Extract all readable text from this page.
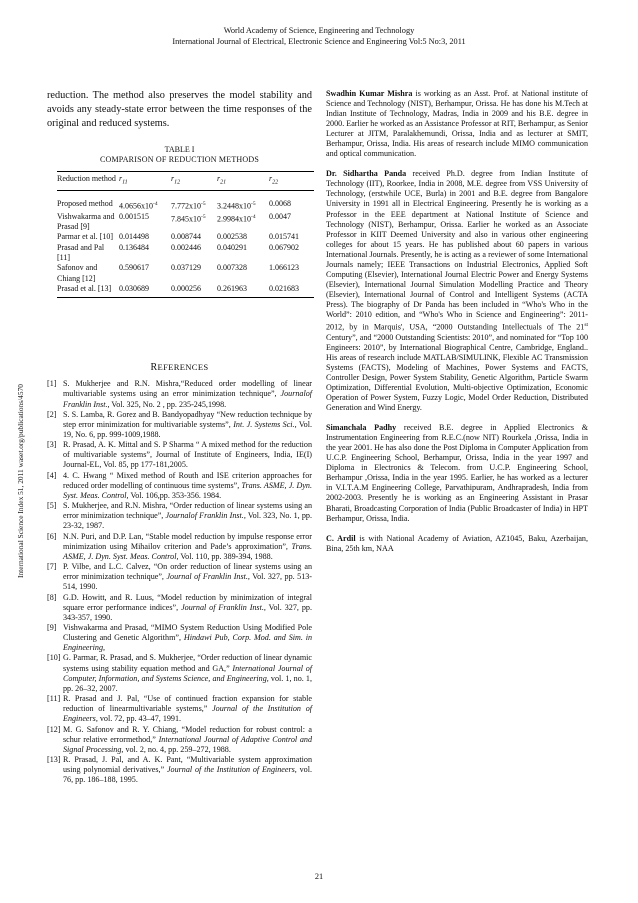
World Academy of Science, Engineering and Technology
International Journal of Electrical, Electronic Science and Engineering Vol:5 No:3, 2011
International Science Index 51, 2011 waset.org/publications/4570

reduction. The method also preserves the model stability and avoids any steady-state error between the time responses of the original and reduced systems.

TABLE I
COMPARISON OF REDUCTION METHODS
Reduction method	$r_{11}$	$r_{12}$	$r_{21}$	$r_{22}$
Proposed method	$4.0656x10^{-4}$	$7.772x10^{-5}$	$3.2448x10^{-5}$	0.0068
Vishwakarma and Prasad [9]	0.001515	$7.845x10^{-5}$	$2.9984x10^{-4}$	0.0047
Parmar et al. [10]	0.014498	0.008744	0.002538	0.015741
Prasad and Pal [11]	0.136484	0.002446	0.040291	0.067902
Safonov and Chiang [12]	0.590617	0.037129	0.007328	1.066123
Prasad et al. [13]	0.030689	0.000256	0.261963	0.021683
REFERENCES
[1] S. Mukherjee and R.N. Mishra,“Reduced order modelling of linear multivariable systems using an error minimization technique”, Journalof Franklin Inst., Vol. 325, No. 2 , pp. 235-245,1998.
[2] S. S. Lamba, R. Gorez and B. Bandyopadhyay “New reduction technique by step error minimization for multivariable systems”, Int. J. Systems Sci., Vol. 19, No. 6, pp. 999-1009,1988.
[3] R. Prasad, A. K. Mittal and S. P Sharma “ A mixed method for the reduction of multivariable systems”, Journal of Institute of Engineers, India, IE(I) Journal-EL, Vol. 85, pp 177-181,2005.
[4] 4. C. Hwang “ Mixed method of Routh and ISE criterion approaches for reduced order modelling of continuous time systems”, Trans. ASME, J. Dyn. Syst. Meas. Control, Vol. 106,pp. 353-356. 1984.
[5] S. Mukherjee, and R.N. Mishra, “Order reduction of linear systems using an error minimization technique”, Journalof Franklin Inst., Vol. 323, No. 1, pp. 23-32, 1987.
[6] N.N. Puri, and D.P. Lan, “Stable model reduction by impulse response error minimization using Mihailov criterion and Pade’s approximation”, Trans. ASME, J. Dyn. Syst. Meas. Control, Vol. 110, pp. 389-394, 1988.
[7] P. Vilbe, and L.C. Calvez, “On order reduction of linear systems using an error minimization technique”, Journal of Franklin Inst., Vol. 327, pp. 513-514, 1990.
[8] G.D. Howitt, and R. Luus, “Model reduction by minimization of integral square error performance indices”, Journal of Franklin Inst., Vol. 327, pp. 343-357, 1990.
[9] Vishwakarma and Prasad, “MIMO System Reduction Using Modified Pole Clustering and Genetic Algorithm”, Hindawi Pub, Corp. Mod. and Sim. in Engineering,
[10] G. Parmar, R. Prasad, and S. Mukherjee, “Order reduction of linear dynamic systems using stability equation method and GA,” International Journal of Computer, Information, and Systems Science, and Engineering, vol. 1, no. 1, pp. 26–32, 2007.
[11] R. Prasad and J. Pal, “Use of continued fraction expansion for stable reduction of linearmultivariable systems,” Journal of the Institution of Engineers, vol. 72, pp. 43–47, 1991.
[12] M. G. Safonov and R. Y. Chiang, “Model reduction for robust control: a schur relative errormethod,” International Journal of Adaptive Control and Signal Processing, vol. 2, no. 4, pp. 259–272, 1988.
[13] R. Prasad, J. Pal, and A. K. Pant, “Multivariable system approximation using polynomial derivatives,” Journal of the Institution of Engineers, vol. 76, pp. 186–188, 1995.

Swadhin Kumar Mishra is working as an Asst. Prof. at National institute of Science and Technology (NIST), Berhampur, Orissa. He has done his M.Tech at Indian Institute of Technology, Madras, India in 2009 and his B.E. degree in 2000. Earlier he worked as an Assistance Professor at RIT, Berhampur, as Senior Lecturer at JITM, Paralakhemundi, Orissa, India and as lecturer at SMIT, Berhampur, Orissa, India. His areas of research include MIMO communication and optical communication.

Dr. Sidhartha Panda received Ph.D. degree from Indian Institute of Technology (IIT), Roorkee, India in 2008, M.E. degree from VSS University of Technology, (erstwhile UCE, Burla) in 2001 and B.E. degree from Bangalore University in 1991 all in Electrical Engineering. Presently he is working as a Professor in the EEE department at National Institute of Science and Technology (NIST), Berhampur, Orissa. Earlier he worked as an Associate Professor in KIIT Deemed University and also in various other engineering colleges for about 15 years. He has published about 60 papers in various International Journals. Presently, he is acting as a reviewer of some International Journals namely; IEEE Transactions on Industrial Electronics, Applied Soft Computing (Elsevier), International Journal Electric Power and Energy Systems (Elsevier), International Journal Simulation Modelling Practice and Theory (Elsevier), International Journal of Control and Intelligent Systems (ACTA Press). The biography of Dr Panda has been included in “Who's Who in the World”: 2010 edition, and “Who's Who in Science and Engineering”: 2011-2012, by in Marquis', USA, “2000 Outstanding Intellectuals of The 21st Century”, and “2000 Outstanding Scientists: 2010”, and nominated for “Top 100 Engineers: 2010”, by International Biographical Centre, Cambridge, England.. His areas of research include MATLAB/SIMULINK, Flexible AC Transmission Systems (FACTS), Modeling of Machines, Power Systems and FACTS, Controller Design, Power System Stability, Genetic Algorithm, Particle Swarm Optimization, Differential Evolution, Multi-objective Optimization, Economic Operation of Power System, Fuzzy Logic, Model Order Reduction, Distributed Generation and Wind Energy.

Simanchala Padhy received B.E. degree in Applied Electronics & Instrumentation Engineering from R.E.C.(now NIT) Rourkela ,Orissa, India in the year 2001. He has also done the Post Diploma in Computer Application from U.C.P. Engineering School, Berhampur, Orissa, India in the year 1997 and Diploma in Electronics & Telecom. from U.C.P. Engineering School, Berhampur ,Orissa, India in the year 1995. Earlier, he has worked as a lecturer in V.I.T.A.M Engineering College, Parvathipuram, Andhrapradesh, India from 2002-2003. Presently he is working as an Engineering Assistant in Prasar Bharati, Broadcasting Corporation of India (Public Broadcaster of India) in HPT Berhampur, Orissa, India.

C. Ardil is with National Academy of Aviation, AZ1045, Baku, Azerbaijan, Bina, 25th km, NAA

21
